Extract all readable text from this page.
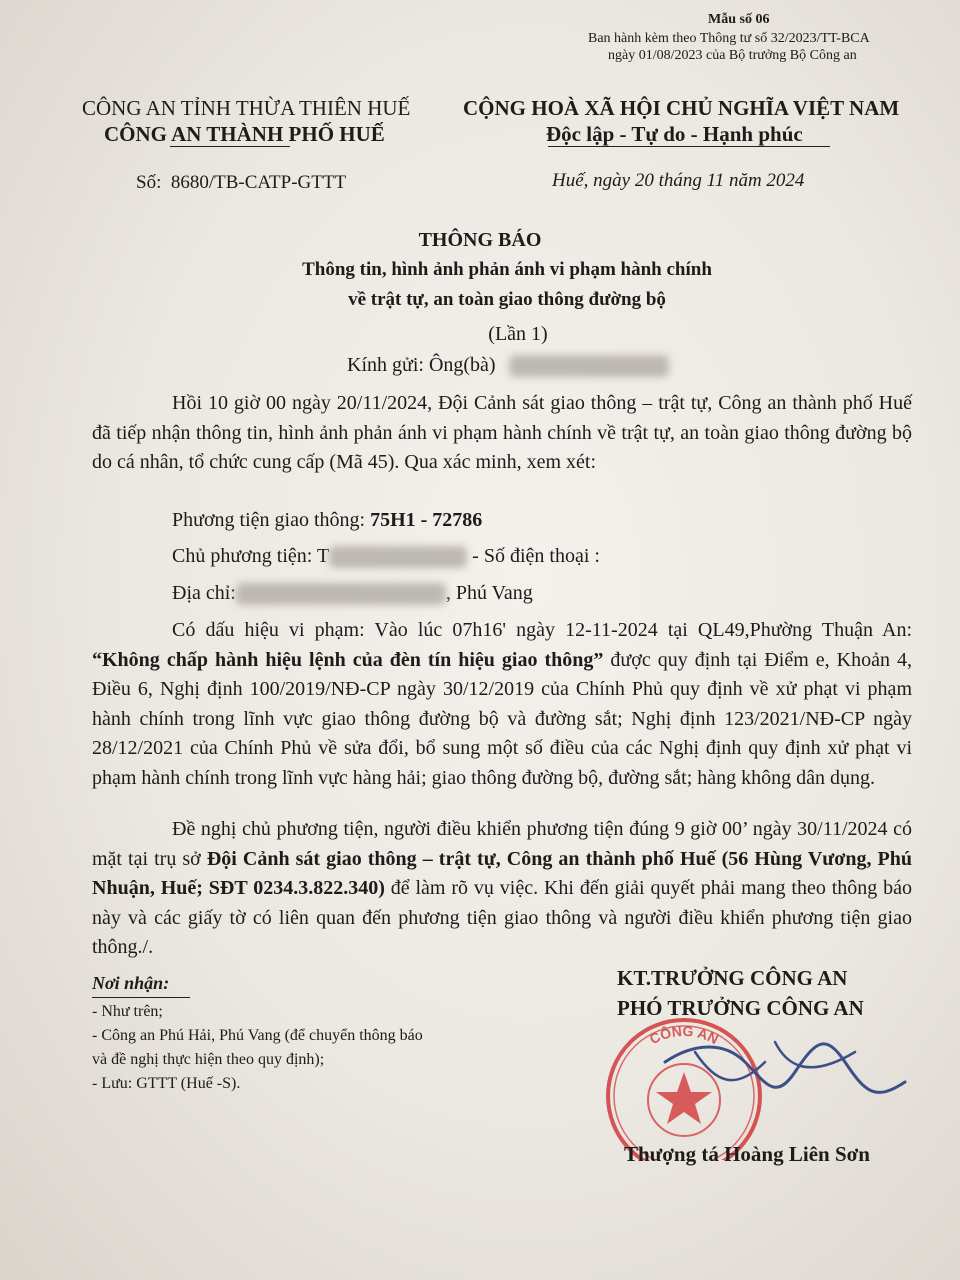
Mẫu số 06
Ban hành kèm theo Thông tư số 32/2023/TT-BCA
ngày 01/08/2023 của Bộ trưởng Bộ Công an
CÔNG AN TỈNH THỪA THIÊN HUẾ
CÔNG AN THÀNH PHỐ HUẾ
Số: 8680/TB-CATP-GTTT
CỘNG HOÀ XÃ HỘI CHỦ NGHĨA VIỆT NAM
Độc lập - Tự do - Hạnh phúc
Huế, ngày 20 tháng 11 năm 2024
THÔNG BÁO
Thông tin, hình ảnh phản ánh vi phạm hành chính
về trật tự, an toàn giao thông đường bộ
(Lần 1)
Kính gửi: Ông(bà)
Hồi 10 giờ 00 ngày 20/11/2024, Đội Cảnh sát giao thông – trật tự, Công an thành phố Huế đã tiếp nhận thông tin, hình ảnh phản ánh vi phạm hành chính về trật tự, an toàn giao thông đường bộ do cá nhân, tổ chức cung cấp (Mã 45). Qua xác minh, xem xét:
Phương tiện giao thông: 75H1 - 72786
Chủ phương tiện: T	- Số điện thoại :
Địa chỉ:	, Phú Vang
Có dấu hiệu vi phạm: Vào lúc 07h16' ngày 12-11-2024 tại QL49,Phường Thuận An: “Không chấp hành hiệu lệnh của đèn tín hiệu giao thông” được quy định tại Điểm e, Khoản 4, Điều 6, Nghị định 100/2019/NĐ-CP ngày 30/12/2019 của Chính Phủ quy định về xử phạt vi phạm hành chính trong lĩnh vực giao thông đường bộ và đường sắt; Nghị định 123/2021/NĐ-CP ngày 28/12/2021 của Chính Phủ về sửa đổi, bổ sung một số điều của các Nghị định quy định xử phạt vi phạm hành chính trong lĩnh vực hàng hải; giao thông đường bộ, đường sắt; hàng không dân dụng.
Đề nghị chủ phương tiện, người điều khiển phương tiện đúng 9 giờ 00’ ngày 30/11/2024 có mặt tại trụ sở Đội Cảnh sát giao thông – trật tự, Công an thành phố Huế (56 Hùng Vương, Phú Nhuận, Huế; SĐT 0234.3.822.340) để làm rõ vụ việc. Khi đến giải quyết phải mang theo thông báo này và các giấy tờ có liên quan đến phương tiện giao thông và người điều khiển phương tiện giao thông./.
Nơi nhận:
- Như trên;
- Công an Phú Hải, Phú Vang (để chuyển thông báo
và đề nghị thực hiện theo quy định);
- Lưu: GTTT (Huế -S).
KT.TRƯỞNG CÔNG AN
PHÓ TRƯỞNG CÔNG AN
CÔNG AN
Thượng tá Hoàng Liên Sơn
